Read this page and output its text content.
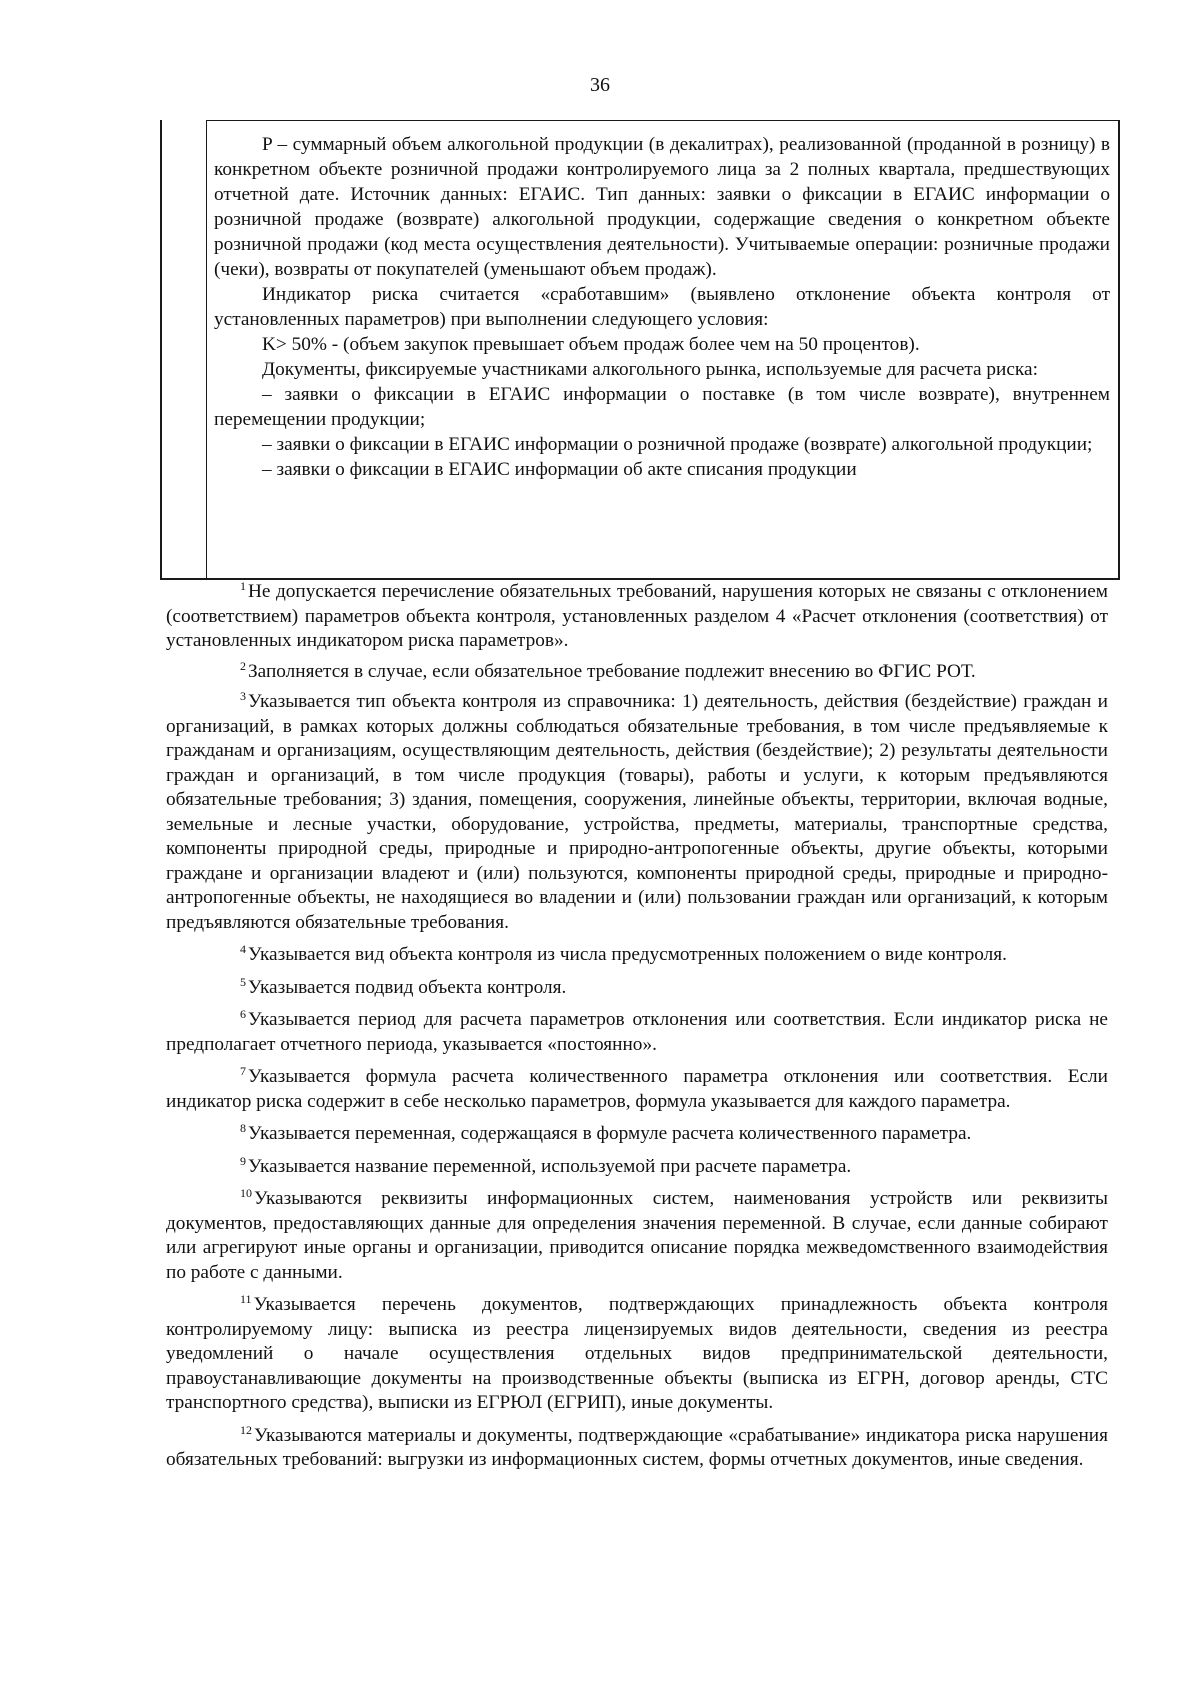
36

P – суммарный объем алкогольной продукции (в декалитрах), реализованной (проданной в розницу) в конкретном объекте розничной продажи контролируемого лица за 2 полных квартала, предшествующих отчетной дате. Источник данных: ЕГАИС. Тип данных: заявки о фиксации в ЕГАИС информации о розничной продаже (возврате) алкогольной продукции, содержащие сведения о конкретном объекте розничной продажи (код места осуществления деятельности). Учитываемые операции: розничные продажи (чеки), возвраты от покупателей (уменьшают объем продаж).

Индикатор риска считается «сработавшим» (выявлено отклонение объекта контроля от установленных параметров) при выполнении следующего условия:

K> 50% - (объем закупок превышает объем продаж более чем на 50 процентов).

Документы, фиксируемые участниками алкогольного рынка, используемые для расчета риска:

– заявки о фиксации в ЕГАИС информации о поставке (в том числе возврате), внутреннем перемещении продукции;

– заявки о фиксации в ЕГАИС информации о розничной продаже (возврате) алкогольной продукции;

– заявки о фиксации в ЕГАИС информации об акте списания продукции

$^1$ Не допускается перечисление обязательных требований, нарушения которых не связаны с отклонением (соответствием) параметров объекта контроля, установленных разделом 4 «Расчет отклонения (соответствия) от установленных индикатором риска параметров».

$^2$ Заполняется в случае, если обязательное требование подлежит внесению во ФГИС РОТ.

$^3$ Указывается тип объекта контроля из справочника: 1) деятельность, действия (бездействие) граждан и организаций, в рамках которых должны соблюдаться обязательные требования, в том числе предъявляемые к гражданам и организациям, осуществляющим деятельность, действия (бездействие); 2) результаты деятельности граждан и организаций, в том числе продукция (товары), работы и услуги, к которым предъявляются обязательные требования; 3) здания, помещения, сооружения, линейные объекты, территории, включая водные, земельные и лесные участки, оборудование, устройства, предметы, материалы, транспортные средства, компоненты природной среды, природные и природно-антропогенные объекты, другие объекты, которыми граждане и организации владеют и (или) пользуются, компоненты природной среды, природные и природно-антропогенные объекты, не находящиеся во владении и (или) пользовании граждан или организаций, к которым предъявляются обязательные требования.

$^4$ Указывается вид объекта контроля из числа предусмотренных положением о виде контроля.

$^5$ Указывается подвид объекта контроля.

$^6$ Указывается период для расчета параметров отклонения или соответствия. Если индикатор риска не предполагает отчетного периода, указывается «постоянно».

$^7$ Указывается формула расчета количественного параметра отклонения или соответствия. Если индикатор риска содержит в себе несколько параметров, формула указывается для каждого параметра.

$^8$ Указывается переменная, содержащаяся в формуле расчета количественного параметра.

$^9$ Указывается название переменной, используемой при расчете параметра.

$^{10}$ Указываются реквизиты информационных систем, наименования устройств или реквизиты документов, предоставляющих данные для определения значения переменной. В случае, если данные собирают или агрегируют иные органы и организации, приводится описание порядка межведомственного взаимодействия по работе с данными.

$^{11}$ Указывается перечень документов, подтверждающих принадлежность объекта контроля контролируемому лицу: выписка из реестра лицензируемых видов деятельности, сведения из реестра уведомлений о начале осуществления отдельных видов предпринимательской деятельности, правоустанавливающие документы на производственные объекты (выписка из ЕГРН, договор аренды, СТС транспортного средства), выписки из ЕГРЮЛ (ЕГРИП), иные документы.

$^{12}$ Указываются материалы и документы, подтверждающие «срабатывание» индикатора риска нарушения обязательных требований: выгрузки из информационных систем, формы отчетных документов, иные сведения.
